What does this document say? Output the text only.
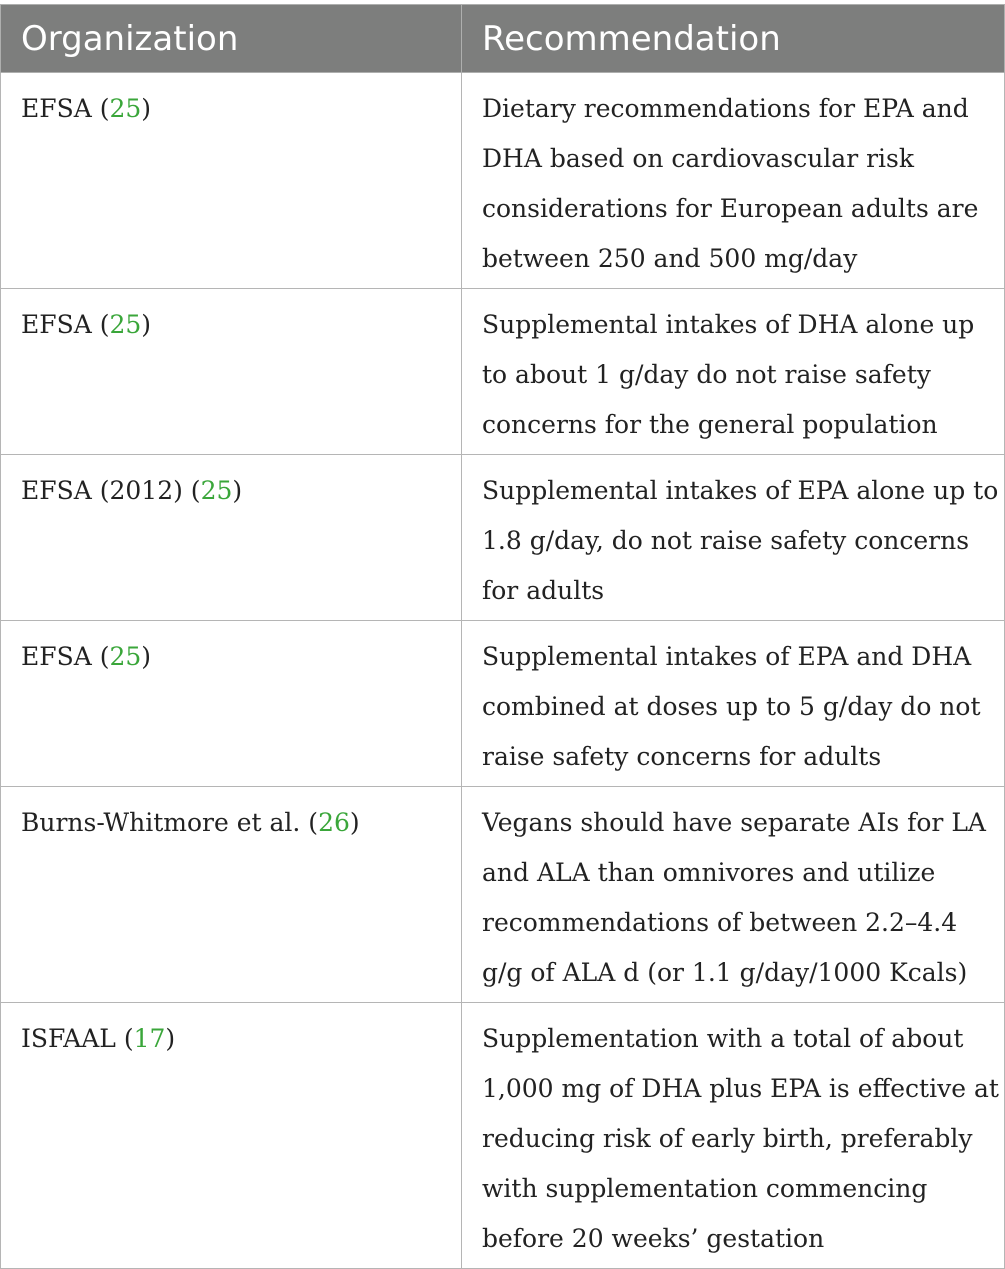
Organization	Recommendation
EFSA (25)	Dietary recommendations for EPA and DHA based on cardiovascular risk considerations for European adults are between 250 and 500 mg/day
EFSA (25)	Supplemental intakes of DHA alone up to about 1 g/day do not raise safety concerns for the general population
EFSA (2012) (25)	Supplemental intakes of EPA alone up to 1.8 g/day, do not raise safety concerns for adults
EFSA (25)	Supplemental intakes of EPA and DHA combined at doses up to 5 g/day do not raise safety concerns for adults
Burns-Whitmore et al. (26)	Vegans should have separate AIs for LA and ALA than omnivores and utilize recommendations of between 2.2–4.4 g/g of ALA d (or 1.1 g/day/1000 Kcals)
ISFAAL (17)	Supplementation with a total of about 1,000 mg of DHA plus EPA is effective at reducing risk of early birth, preferably with supplementation commencing before 20 weeks’ gestation
